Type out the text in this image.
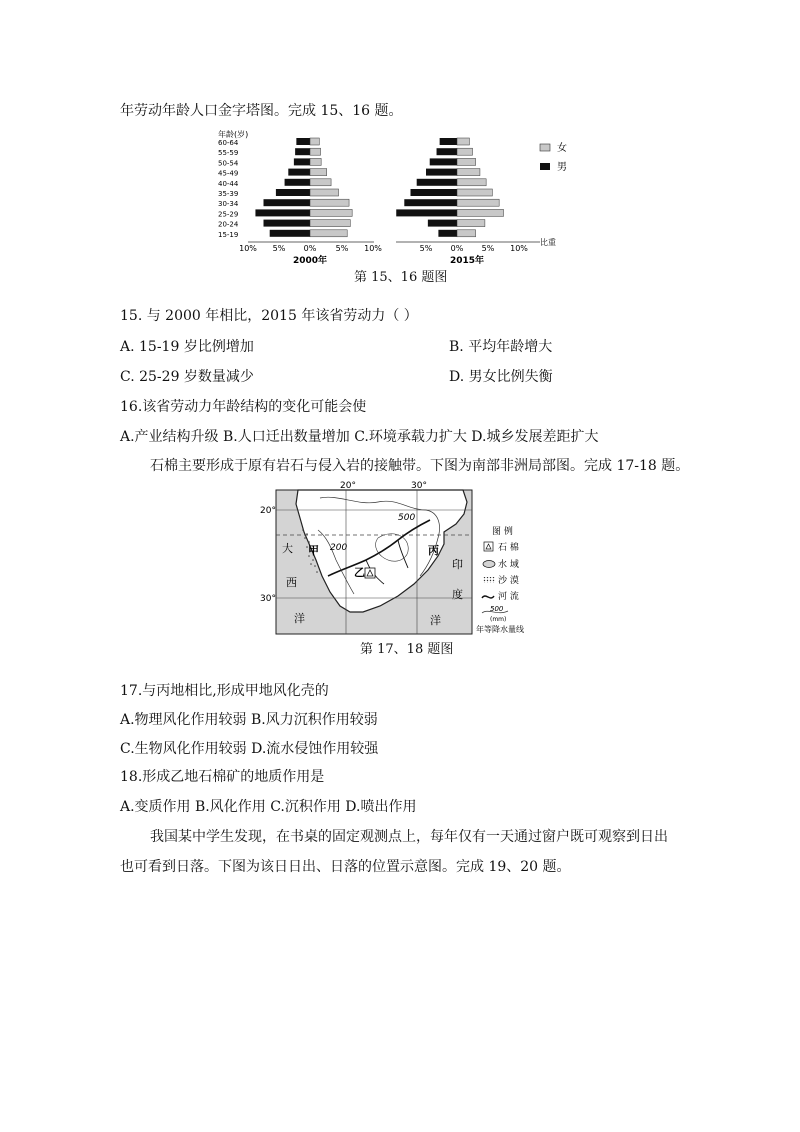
年劳动年龄人口金字塔图。完成 15、16 题。
年龄(岁)
60-64
55-59
50-54
45-49
40-44
35-39
30-34
25-29
20-24
15-19
10% 5% 0% 5% 10%	5% 0% 5% 10%
比重
2000年	2015年
女
男
第 15、16 题图
15. 与 2000 年相比，2015 年该省劳动力（ ）
A. 15-19 岁比例增加	B. 平均年龄增大
C. 25-29 岁数量减少	D. 男女比例失衡
16.该省劳动力年龄结构的变化可能会使
A.产业结构升级 B.人口迁出数量增加 C.环境承载力扩大 D.城乡发展差距扩大
石棉主要形成于原有岩石与侵入岩的接触带。下图为南部非洲局部图。完成 17-18 题。
20°	30°
20°
30°
500
200
甲
乙
丙
大
西
洋
印
度
洋
图 例
石 棉
水 域
沙 漠
河 流
500
(mm)
年等降水量线
第 17、18 题图
17.与丙地相比,形成甲地风化壳的
A.物理风化作用较弱 B.风力沉积作用较弱
C.生物风化作用较弱 D.流水侵蚀作用较强
18.形成乙地石棉矿的地质作用是
A.变质作用 B.风化作用 C.沉积作用 D.喷出作用
我国某中学生发现，在书桌的固定观测点上，每年仅有一天通过窗户既可观察到日出
也可看到日落。下图为该日日出、日落的位置示意图。完成 19、20 题。
